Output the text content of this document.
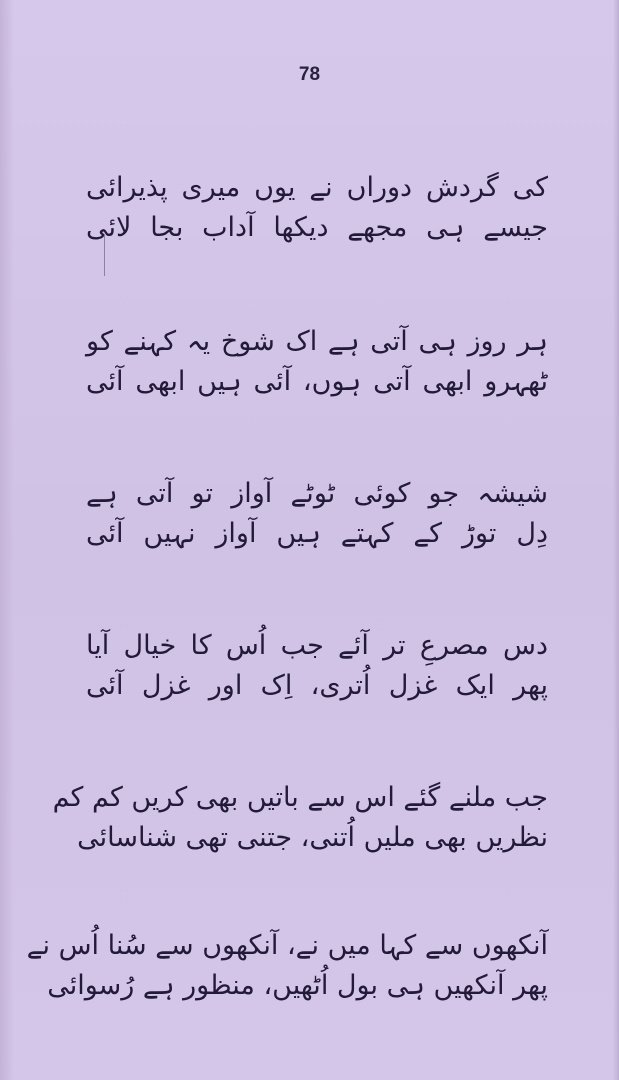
78
کی گردش دوراں نے یوں میری پذیرائی
جیسے ہی مجھے دیکھا آداب بجا لائی
ہر روز ہی آتی ہے اک شوخ یہ کہنے کو
ٹھہرو ابھی آتی ہوں، آئی ہیں ابھی آئی
شیشہ جو کوئی ٹوٹے آواز تو آتی ہے
دِل توڑ کے کہتے ہیں آواز نہیں آئی
دس مصرعِ تر آئے جب اُس کا خیال آیا
پھر ایک غزل اُتری، اِک اور غزل آئی
جب ملنے گئے اس سے باتیں بھی کریں کم کم
نظریں بھی ملیں اُتنی، جتنی تھی شناسائی
آنکھوں سے کہا میں نے، آنکھوں سے سُنا اُس نے
پھر آنکھیں ہی بول اُٹھیں، منظور ہے رُسوائی
